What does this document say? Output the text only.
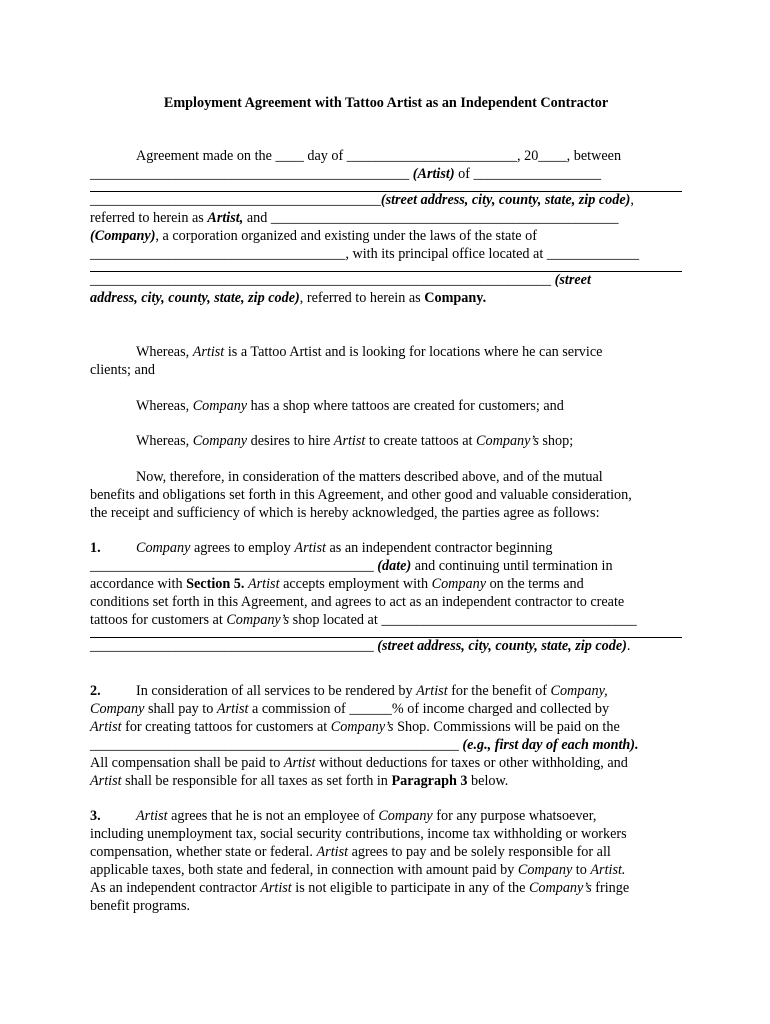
Employment Agreement with Tattoo Artist as an Independent Contractor
Agreement made on the ____ day of ________________________, 20____, between
_____________________________________________ (Artist) of __________________
_________________________________________(street address, city, county, state, zip code),
referred to herein as Artist, and _________________________________________________
(Company), a corporation organized and existing under the laws of the state of
____________________________________, with its principal office located at _____________
_________________________________________________________________ (street
address, city, county, state, zip code), referred to herein as Company.
Whereas, Artist is a Tattoo Artist and is looking for locations where he can service
clients; and
Whereas, Company has a shop where tattoos are created for customers; and
Whereas, Company desires to hire Artist to create tattoos at Company’s shop;
Now, therefore, in consideration of the matters described above, and of the mutual
benefits and obligations set forth in this Agreement, and other good and valuable consideration,
the receipt and sufficiency of which is hereby acknowledged, the parties agree as follows:
1. Company agrees to employ Artist as an independent contractor beginning
________________________________________ (date) and continuing until termination in
accordance with Section 5. Artist accepts employment with Company on the terms and
conditions set forth in this Agreement, and agrees to act as an independent contractor to create
tattoos for customers at Company’s shop located at ____________________________________
________________________________________ (street address, city, county, state, zip code).
2. In consideration of all services to be rendered by Artist for the benefit of Company,
Company shall pay to Artist a commission of ______% of income charged and collected by
Artist for creating tattoos for customers at Company’s Shop. Commissions will be paid on the
____________________________________________________ (e.g., first day of each month).
All compensation shall be paid to Artist without deductions for taxes or other withholding, and
Artist shall be responsible for all taxes as set forth in Paragraph 3 below.
3. Artist agrees that he is not an employee of Company for any purpose whatsoever,
including unemployment tax, social security contributions, income tax withholding or workers
compensation, whether state or federal. Artist agrees to pay and be solely responsible for all
applicable taxes, both state and federal, in connection with amount paid by Company to Artist.
As an independent contractor Artist is not eligible to participate in any of the Company’s fringe
benefit programs.
